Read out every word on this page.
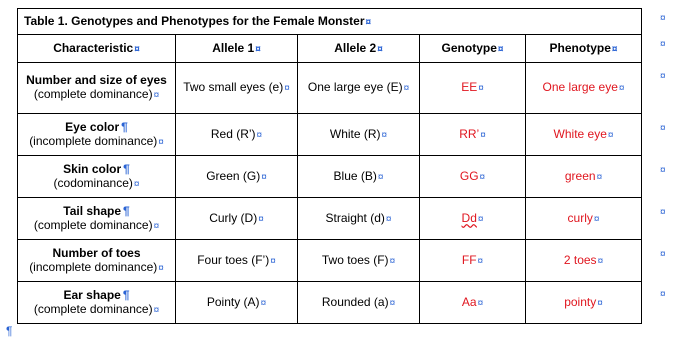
Table 1. Genotypes and Phenotypes for the Female Monster¤				
Characteristic¤	Allele 1¤	Allele 2¤	Genotype¤	Phenotype¤

Number and size of eyes
(complete dominance)¤	Two small eyes (e)¤	One large eye (E)¤	EE¤	One large eye¤

Eye color ¶
(incomplete dominance)¤	Red (R’)¤	White (R)¤	RR’¤	White eye¤

Skin color ¶
(codominance)¤	Green (G)¤	Blue (B)¤	GG¤	green¤

Tail shape ¶
(complete dominance)¤	Curly (D)¤	Straight (d)¤	Dd¤	curly¤

Number of toes
(incomplete dominance)¤	Four toes (F’)¤	Two toes (F)¤	FF¤	2 toes¤

Ear shape ¶
(complete dominance)¤	Pointy (A)¤	Rounded (a)¤	Aa¤	pointy¤
¤
¤
¤
¤
¤
¤
¤
¤
¶
